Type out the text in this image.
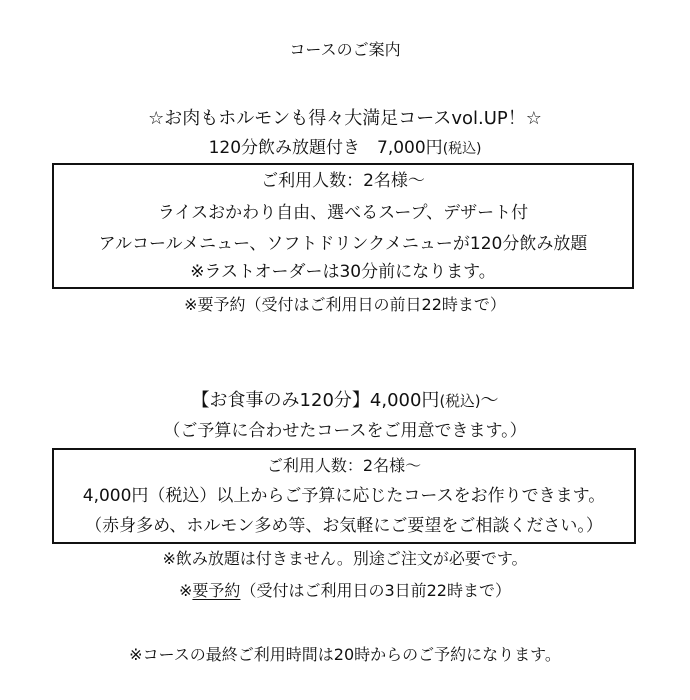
コースのご案内
☆お肉もホルモンも得々大満足コースvol.UP！☆
120分飲み放題付き　7,000円(税込)
ご利用人数：2名様～
ライスおかわり自由、選べるスープ、デザート付
アルコールメニュー、ソフトドリンクメニューが120分飲み放題
※ラストオーダーは30分前になります。
※要予約（受付はご利用日の前日22時まで）
【お食事のみ120分】4,000円(税込)～
（ご予算に合わせたコースをご用意できます。）
ご利用人数：2名様～
4,000円（税込）以上からご予算に応じたコースをお作りできます。
（赤身多め、ホルモン多め等、お気軽にご要望をご相談ください。）
※飲み放題は付きません。別途ご注文が必要です。
※要予約（受付はご利用日の3日前22時まで）
※コースの最終ご利用時間は20時からのご予約になります。
